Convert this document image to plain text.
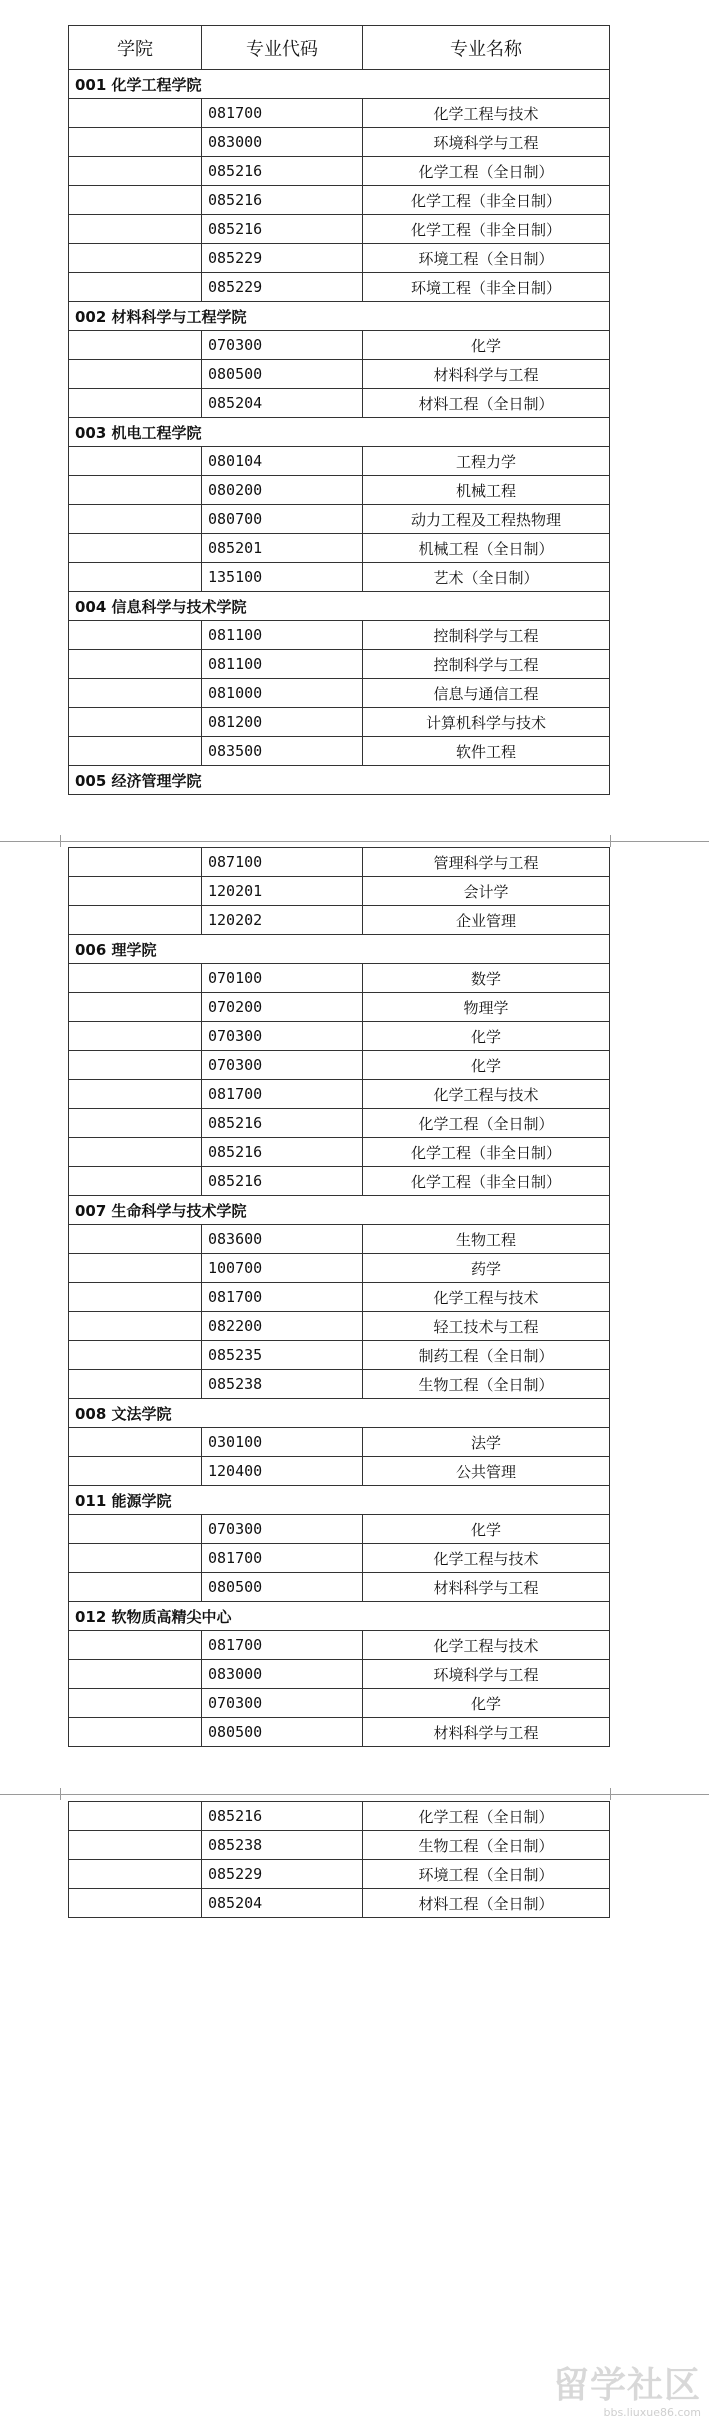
学院	专业代码	专业名称
001 化学工程学院		
	081700	化学工程与技术
	083000	环境科学与工程
	085216	化学工程（全日制）
	085216	化学工程（非全日制）
	085216	化学工程（非全日制）
	085229	环境工程（全日制）
	085229	环境工程（非全日制）
002 材料科学与工程学院		
	070300	化学
	080500	材料科学与工程
	085204	材料工程（全日制）
003 机电工程学院		
	080104	工程力学
	080200	机械工程
	080700	动力工程及工程热物理
	085201	机械工程（全日制）
	135100	艺术（全日制）
004 信息科学与技术学院		
	081100	控制科学与工程
	081100	控制科学与工程
	081000	信息与通信工程
	081200	计算机科学与技术
	083500	软件工程
005 经济管理学院		
	087100	管理科学与工程
	120201	会计学
	120202	企业管理
006 理学院		
	070100	数学
	070200	物理学
	070300	化学
	070300	化学
	081700	化学工程与技术
	085216	化学工程（全日制）
	085216	化学工程（非全日制）
	085216	化学工程（非全日制）
007 生命科学与技术学院		
	083600	生物工程
	100700	药学
	081700	化学工程与技术
	082200	轻工技术与工程
	085235	制药工程（全日制）
	085238	生物工程（全日制）
008 文法学院		
	030100	法学
	120400	公共管理
011 能源学院		
	070300	化学
	081700	化学工程与技术
	080500	材料科学与工程
012 软物质高精尖中心		
	081700	化学工程与技术
	083000	环境科学与工程
	070300	化学
	080500	材料科学与工程
	085216	化学工程（全日制）
	085238	生物工程（全日制）
	085229	环境工程（全日制）
	085204	材料工程（全日制）
留学社区
bbs.liuxue86.com
